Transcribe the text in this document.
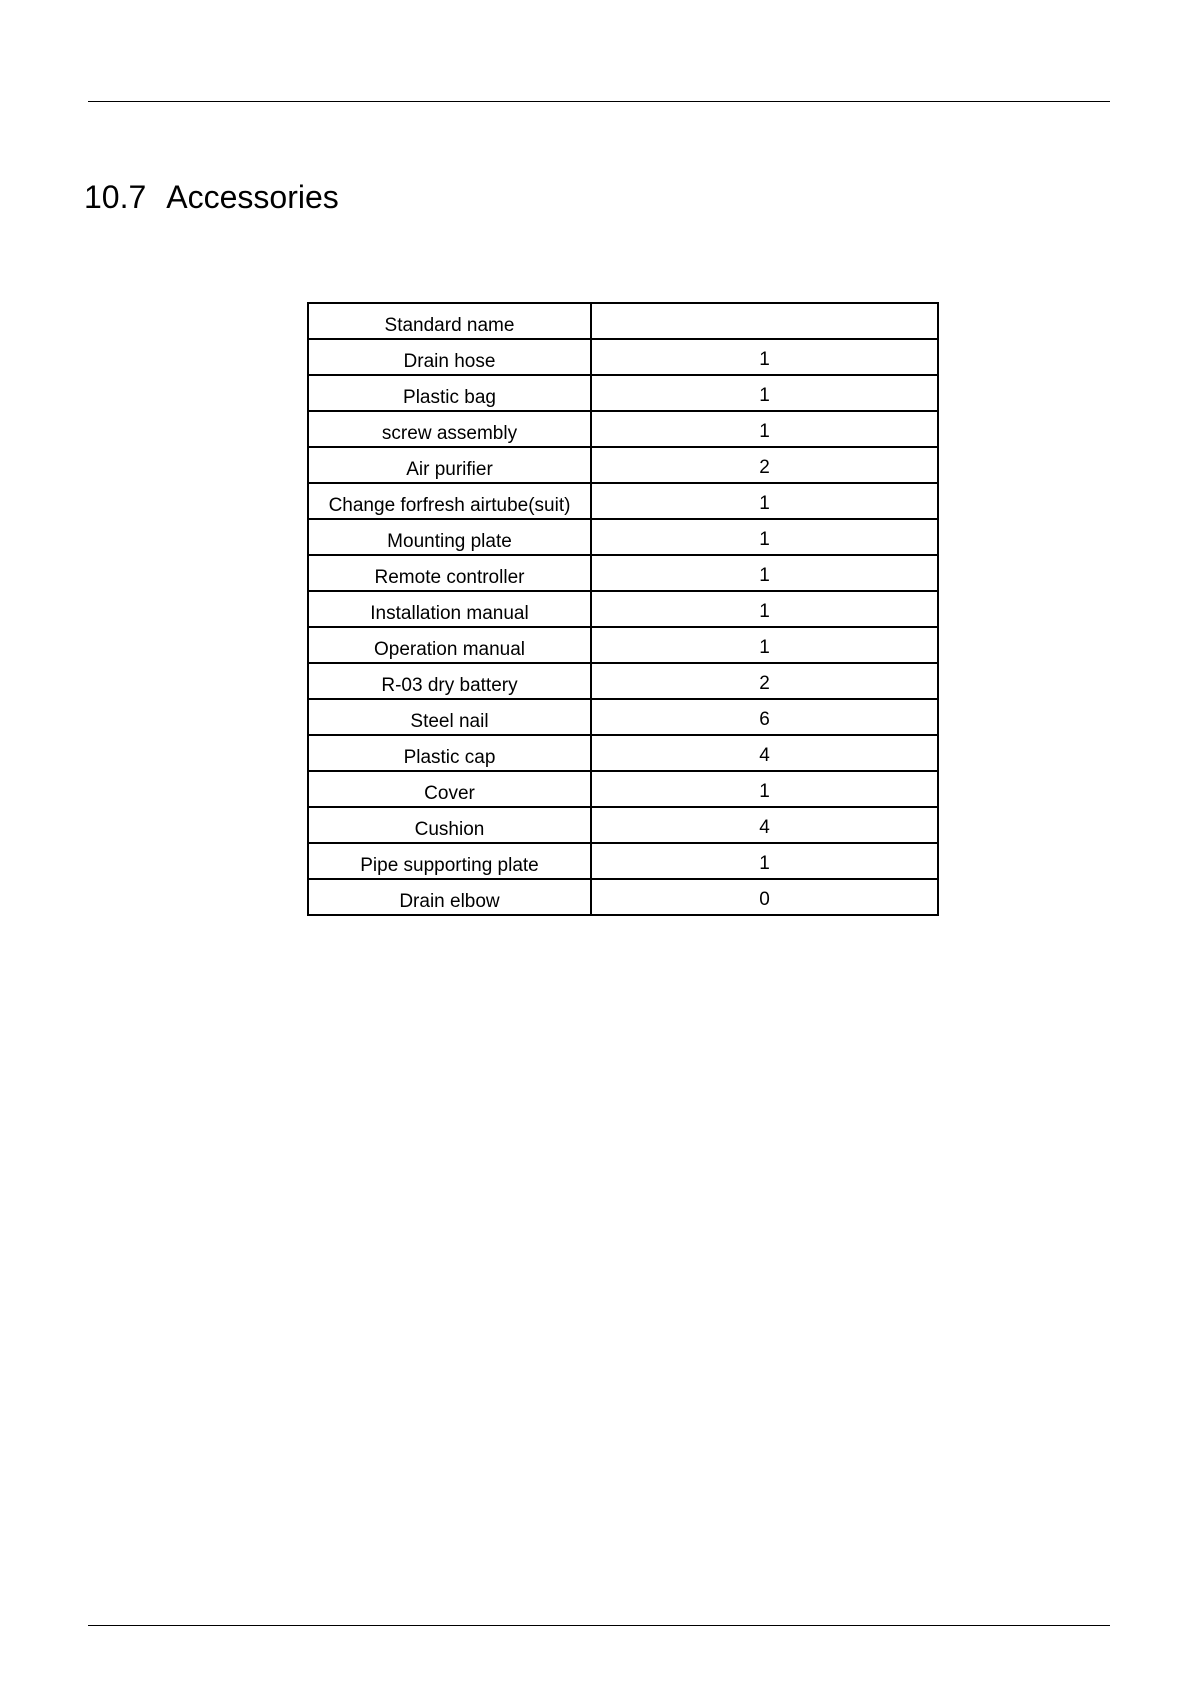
10.7 Accessories
Standard name	
Drain hose	1
Plastic bag	1
screw assembly	1
Air purifier	2
Change forfresh airtube(suit)	1
Mounting plate	1
Remote controller	1
Installation manual	1
Operation manual	1
R-03 dry battery	2
Steel nail	6
Plastic cap	4
Cover	1
Cushion	4
Pipe supporting plate	1
Drain elbow	0
